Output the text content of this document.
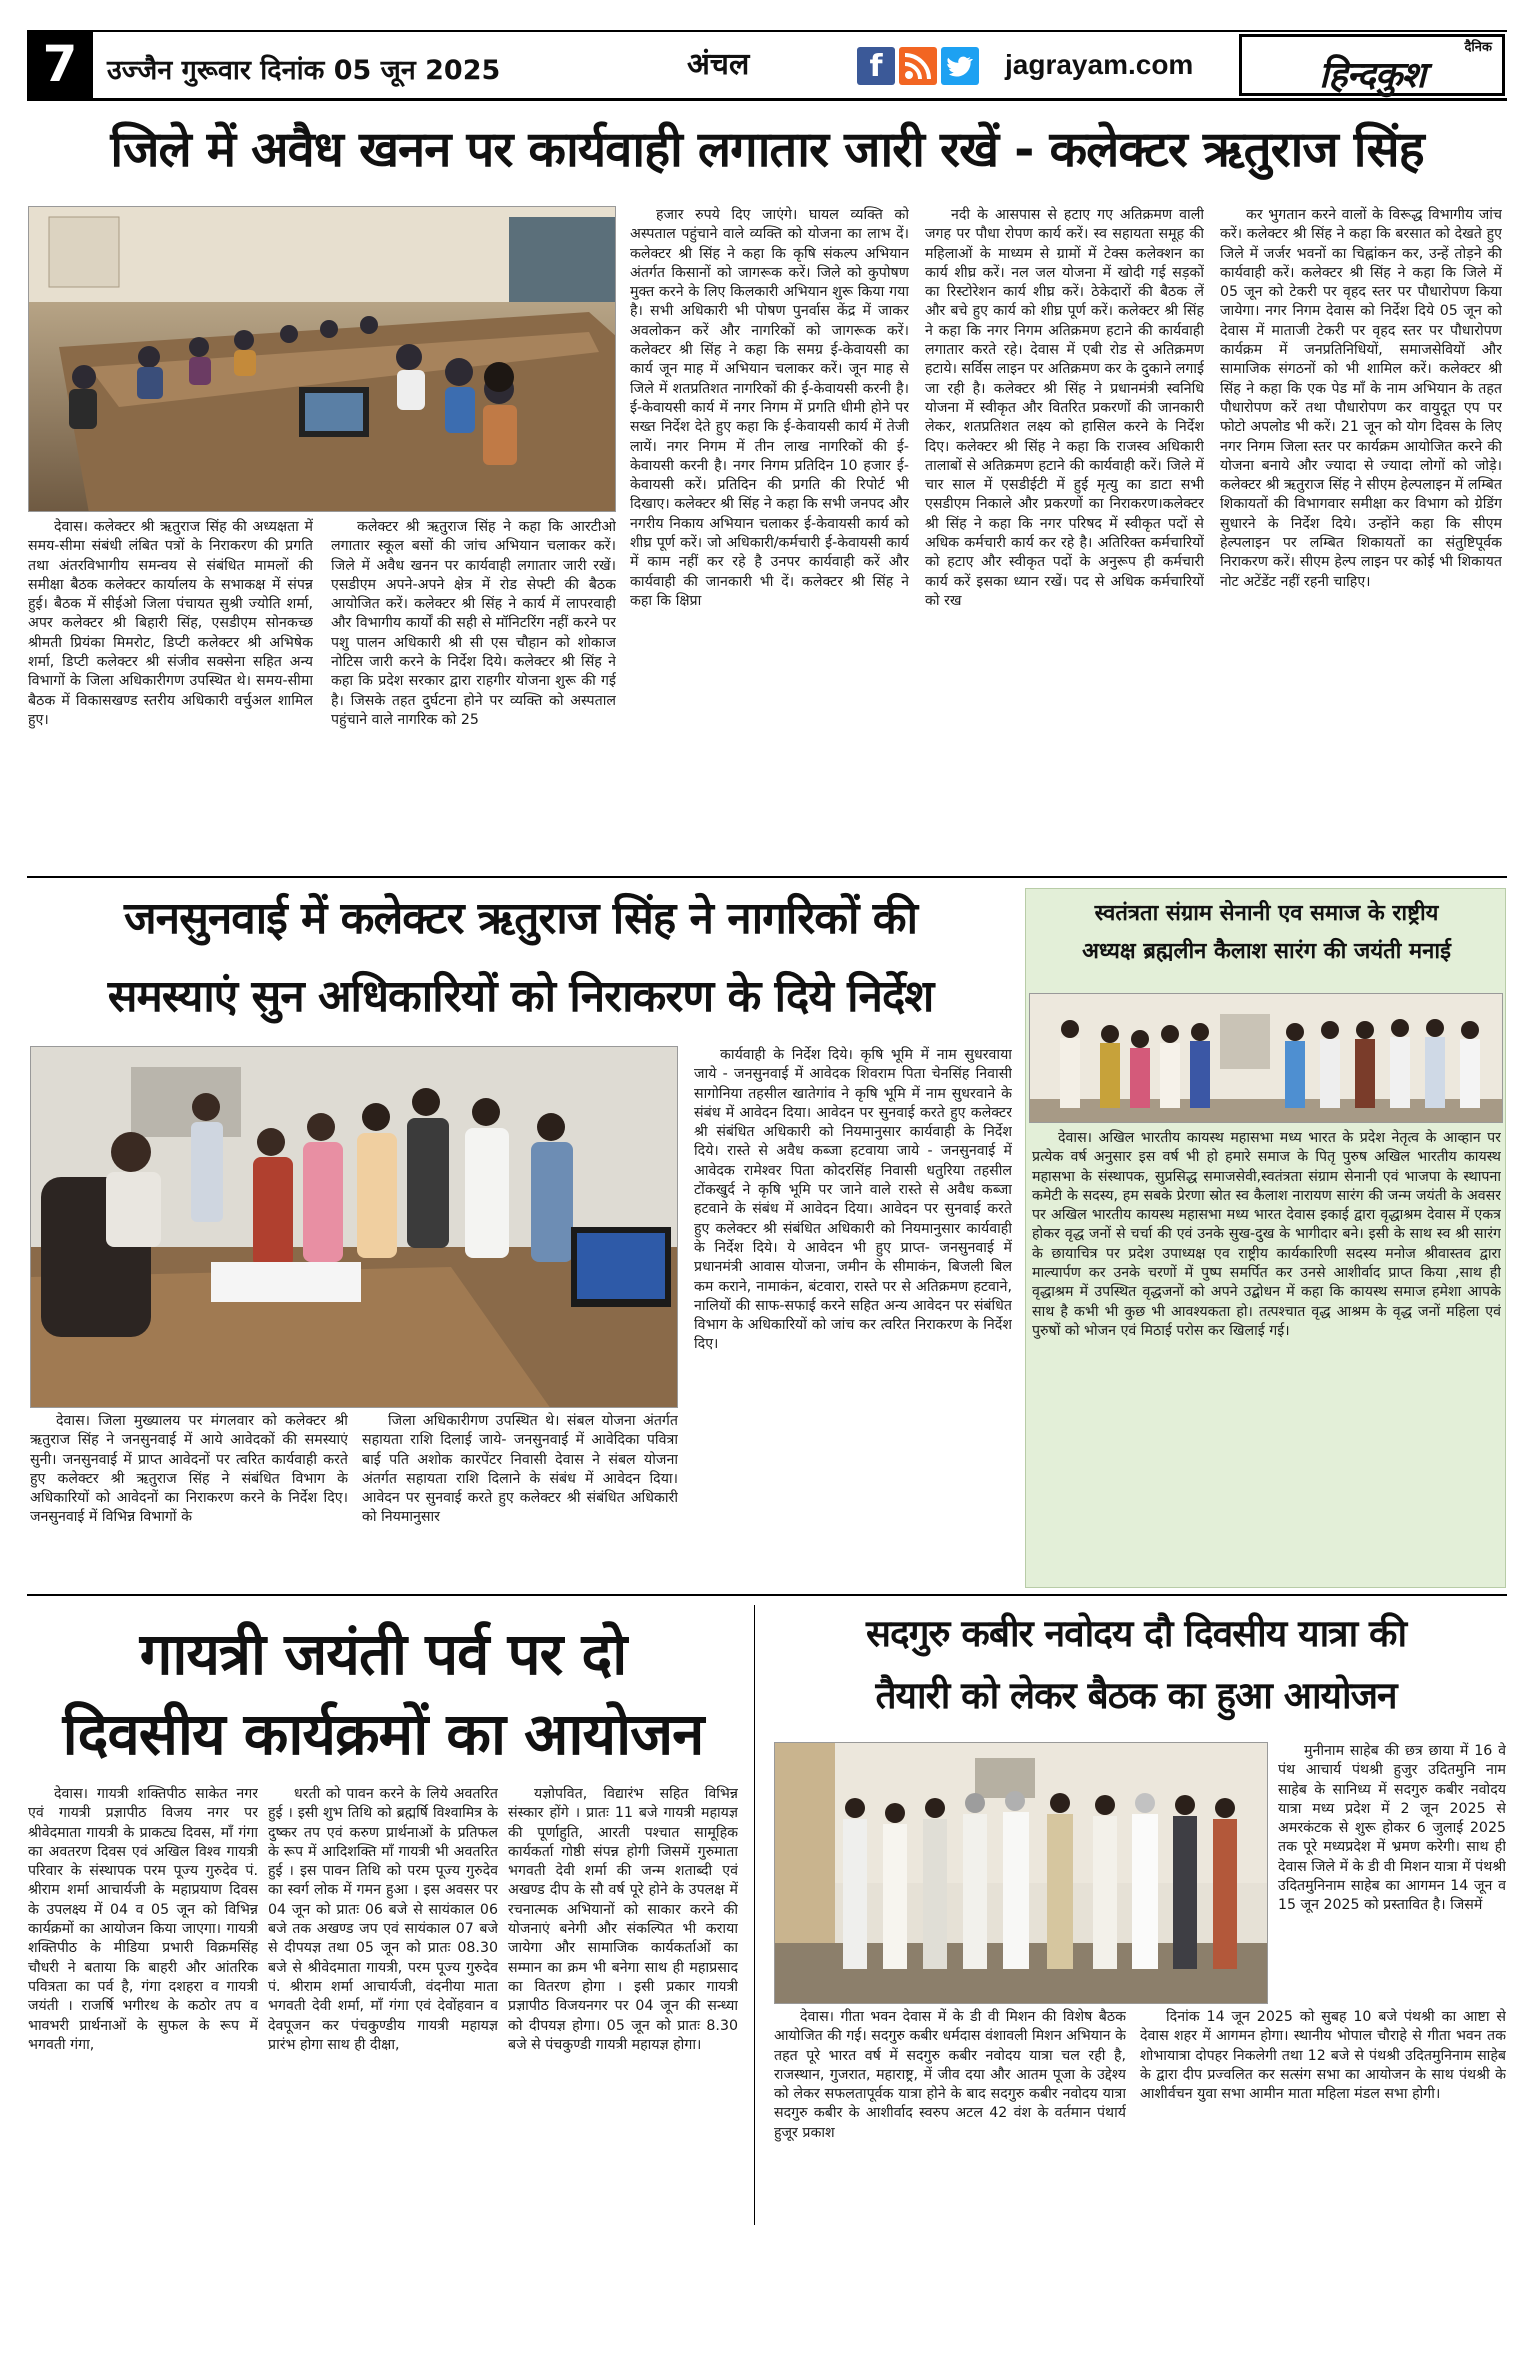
7	उज्जैन गुरूवार दिनांक 05 जून 2025	अंचल	f	jagrayam.com
दैनिक
हिन्दकुश
जिले में अवैध खनन पर कार्यवाही लगातार जारी रखें - कलेक्टर ऋतुराज सिंह

देवास। कलेक्टर श्री ऋतुराज सिंह की अध्यक्षता में समय-सीमा संबंधी लंबित पत्रों के निराकरण की प्रगति तथा अंतरविभागीय समन्वय से संबंधित मामलों की समीक्षा बैठक कलेक्टर कार्यालय के सभाकक्ष में संपन्न हुई। बैठक में सीईओ जिला पंचायत सुश्री ज्योति शर्मा, अपर कलेक्टर श्री बिहारी सिंह, एसडीएम सोनकच्छ श्रीमती प्रियंका मिमरोट, डिप्टी कलेक्टर श्री अभिषेक शर्मा, डिप्टी कलेक्टर श्री संजीव सक्सेना सहित अन्य विभागों के जिला अधिकारीगण उपस्थित थे। समय-सीमा बैठक में विकासखण्ड स्तरीय अधिकारी वर्चुअल शामिल हुए।

कलेक्टर श्री ऋतुराज सिंह ने कहा कि आरटीओ लगातार स्कूल बसों की जांच अभियान चलाकर करें। जिले में अवैध खनन पर कार्यवाही लगातार जारी रखें। एसडीएम अपने-अपने क्षेत्र में रोड सेफ्टी की बैठक आयोजित करें। कलेक्टर श्री सिंह ने कार्य में लापरवाही और विभागीय कार्यों की सही से मॉनिटरिंग नहीं करने पर पशु पालन अधिकारी श्री सी एस चौहान को शोकाज नोटिस जारी करने के निर्देश दिये। कलेक्टर श्री सिंह ने कहा कि प्रदेश सरकार द्वारा राहगीर योजना शुरू की गई है। जिसके तहत दुर्घटना होने पर व्यक्ति को अस्पताल पहुंचाने वाले नागरिक को 25

हजार रुपये दिए जाएंगे। घायल व्यक्ति को अस्पताल पहुंचाने वाले व्यक्ति को योजना का लाभ दें। कलेक्टर श्री सिंह ने कहा कि कृषि संकल्प अभियान अंतर्गत किसानों को जागरूक करें। जिले को कुपोषण मुक्त करने के लिए किलकारी अभियान शुरू किया गया है। सभी अधिकारी भी पोषण पुनर्वास केंद्र में जाकर अवलोकन करें और नागरिकों को जागरूक करें। कलेक्टर श्री सिंह ने कहा कि समग्र ई-केवायसी का कार्य जून माह में अभियान चलाकर करें। जून माह से जिले में शतप्रतिशत नागरिकों की ई-केवायसी करनी है। ई-केवायसी कार्य में नगर निगम में प्रगति धीमी होने पर सख्त निर्देश देते हुए कहा कि ई-केवायसी कार्य में तेजी लायें। नगर निगम में तीन लाख नागरिकों की ई-केवायसी करनी है। नगर निगम प्रतिदिन 10 हजार ई-केवायसी करें। प्रतिदिन की प्रगति की रिपोर्ट भी दिखाए। कलेक्टर श्री सिंह ने कहा कि सभी जनपद और नगरीय निकाय अभियान चलाकर ई-केवायसी कार्य को शीघ्र पूर्ण करें। जो अधिकारी/कर्मचारी ई-केवायसी कार्य में काम नहीं कर रहे है उनपर कार्यवाही करें और कार्यवाही की जानकारी भी दें। कलेक्टर श्री सिंह ने कहा कि क्षिप्रा

नदी के आसपास से हटाए गए अतिक्रमण वाली जगह पर पौधा रोपण कार्य करें। स्व सहायता समूह की महिलाओं के माध्यम से ग्रामों में टेक्स कलेक्शन का कार्य शीघ्र करें। नल जल योजना में खोदी गई सड़कों का रिस्टोरेशन कार्य शीघ्र करें। ठेकेदारों की बैठक लें और बचे हुए कार्य को शीघ्र पूर्ण करें। कलेक्टर श्री सिंह ने कहा कि नगर निगम अतिक्रमण हटाने की कार्यवाही लगातार करते रहे। देवास में एबी रोड से अतिक्रमण हटाये। सर्विस लाइन पर अतिक्रमण कर के दुकाने लगाई जा रही है। कलेक्टर श्री सिंह ने प्रधानमंत्री स्वनिधि योजना में स्वीकृत और वितरित प्रकरणों की जानकारी लेकर, शतप्रतिशत लक्ष्य को हासिल करने के निर्देश दिए। कलेक्टर श्री सिंह ने कहा कि राजस्व अधिकारी तालाबों से अतिक्रमण हटाने की कार्यवाही करें। जिले में चार साल में एसडीईटी में हुई मृत्यु का डाटा सभी एसडीएम निकाले और प्रकरणों का निराकरण।कलेक्टर श्री सिंह ने कहा कि नगर परिषद में स्वीकृत पदों से अधिक कर्मचारी कार्य कर रहे है। अतिरिक्त कर्मचारियों को हटाए और स्वीकृत पदों के अनुरूप ही कर्मचारी कार्य करें इसका ध्यान रखें। पद से अधिक कर्मचारियों को रख

कर भुगतान करने वालों के विरूद्ध विभागीय जांच करें। कलेक्टर श्री सिंह ने कहा कि बरसात को देखते हुए जिले में जर्जर भवनों का चिह्नांकन कर, उन्हें तोड़ने की कार्यवाही करें। कलेक्टर श्री सिंह ने कहा कि जिले में 05 जून को टेकरी पर वृहद स्तर पर पौधारोपण किया जायेगा। नगर निगम देवास को निर्देश दिये 05 जून को देवास में माताजी टेकरी पर वृहद स्तर पर पौधारोपण कार्यक्रम में जनप्रतिनिधियों, समाजसेवियों और सामाजिक संगठनों को भी शामिल करें। कलेक्टर श्री सिंह ने कहा कि एक पेड माँ के नाम अभियान के तहत पौधारोपण करें तथा पौधारोपण कर वायुदूत एप पर फोटो अपलोड भी करें। 21 जून को योग दिवस के लिए नगर निगम जिला स्तर पर कार्यक्रम आयोजित करने की योजना बनाये और ज्यादा से ज्यादा लोगों को जोड़े। कलेक्टर श्री ऋतुराज सिंह ने सीएम हेल्पलाइन में लम्बित शिकायतों की विभागवार समीक्षा कर विभाग को ग्रेडिंग सुधारने के निर्देश दिये। उन्होंने कहा कि सीएम हेल्पलाइन पर लम्बित शिकायतों का संतुष्टिपूर्वक निराकरण करें। सीएम हेल्प लाइन पर कोई भी शिकायत नोट अटेंडेंट नहीं रहनी चाहिए।

जनसुनवाई में कलेक्टर ऋतुराज सिंह ने नागरिकों की
समस्याएं सुन अधिकारियों को निराकरण के दिये निर्देश

देवास। जिला मुख्यालय पर मंगलवार को कलेक्टर श्री ऋतुराज सिंह ने जनसुनवाई में आये आवेदकों की समस्याएं सुनी। जनसुनवाई में प्राप्त आवेदनों पर त्वरित कार्यवाही करते हुए कलेक्टर श्री ऋतुराज सिंह ने संबंधित विभाग के अधिकारियों को आवेदनों का निराकरण करने के निर्देश दिए। जनसुनवाई में विभिन्न विभागों के

जिला अधिकारीगण उपस्थित थे। संबल योजना अंतर्गत सहायता राशि दिलाई जाये- जनसुनवाई में आवेदिका पवित्रा बाई पति अशोक कारपेंटर निवासी देवास ने संबल योजना अंतर्गत सहायता राशि दिलाने के संबंध में आवेदन दिया। आवेदन पर सुनवाई करते हुए कलेक्टर श्री संबंधित अधिकारी को नियमानुसार

कार्यवाही के निर्देश दिये। कृषि भूमि में नाम सुधरवाया जाये - जनसुनवाई में आवेदक शिवराम पिता चेनसिंह निवासी सागोनिया तहसील खातेगांव ने कृषि भूमि में नाम सुधरवाने के संबंध में आवेदन दिया। आवेदन पर सुनवाई करते हुए कलेक्टर श्री संबंधित अधिकारी को नियमानुसार कार्यवाही के निर्देश दिये। रास्ते से अवैध कब्जा हटवाया जाये - जनसुनवाई में आवेदक रामेश्वर पिता कोदरसिंह निवासी धतुरिया तहसील टोंकखुर्द ने कृषि भूमि पर जाने वाले रास्ते से अवैध कब्जा हटवाने के संबंध में आवेदन दिया। आवेदन पर सुनवाई करते हुए कलेक्टर श्री संबंधित अधिकारी को नियमानुसार कार्यवाही के निर्देश दिये। ये आवेदन भी हुए प्राप्त- जनसुनवाई में प्रधानमंत्री आवास योजना, जमीन के सीमाकंन, बिजली बिल कम कराने, नामाकंन, बंटवारा, रास्ते पर से अतिक्रमण हटवाने, नालियों की साफ-सफाई करने सहित अन्य आवेदन पर संबंधित विभाग के अधिकारियों को जांच कर त्वरित निराकरण के निर्देश दिए।

स्वतंत्रता संग्राम सेनानी एव समाज के राष्ट्रीय
अध्यक्ष ब्रह्मलीन कैलाश सारंग की जयंती मनाई

देवास। अखिल भारतीय कायस्थ महासभा मध्य भारत के प्रदेश नेतृत्व के आव्हान पर प्रत्येक वर्ष अनुसार इस वर्ष भी हो हमारे समाज के पितृ पुरुष अखिल भारतीय कायस्थ महासभा के संस्थापक, सुप्रसिद्ध समाजसेवी,स्वतंत्रता संग्राम सेनानी एवं भाजपा के स्थापना कमेटी के सदस्य, हम सबके प्रेरणा स्रोत स्व कैलाश नारायण सारंग की जन्म जयंती के अवसर पर अखिल भारतीय कायस्थ महासभा मध्य भारत देवास इकाई द्वारा वृद्धाश्रम देवास में एकत्र होकर वृद्ध जनों से चर्चा की एवं उनके सुख-दुख के भागीदार बने। इसी के साथ स्व श्री सारंग के छायाचित्र पर प्रदेश उपाध्यक्ष एव राष्ट्रीय कार्यकारिणी सदस्य मनोज श्रीवास्तव द्वारा माल्यार्पण कर उनके चरणों में पुष्प समर्पित कर उनसे आशीर्वाद प्राप्त किया ,साथ ही वृद्धाश्रम में उपस्थित वृद्धजनों को अपने उद्बोधन में कहा कि कायस्थ समाज हमेशा आपके साथ है कभी भी कुछ भी आवश्यकता हो। तत्पश्चात वृद्ध आश्रम के वृद्ध जनों महिला एवं पुरुषों को भोजन एवं मिठाई परोस कर खिलाई गई।

गायत्री जयंती पर्व पर दो
दिवसीय कार्यक्रमों का आयोजन

देवास। गायत्री शक्तिपीठ साकेत नगर एवं गायत्री प्रज्ञापीठ विजय नगर पर श्रीवेदमाता गायत्री के प्राकट्य दिवस, माँ गंगा का अवतरण दिवस एवं अखिल विश्व गायत्री परिवार के संस्थापक परम पूज्य गुरुदेव पं. श्रीराम शर्मा आचार्यजी के महाप्रयाण दिवस के उपलक्ष्य में 04 व 05 जून को विभिन्न कार्यक्रमों का आयोजन किया जाएगा। गायत्री शक्तिपीठ के मीडिया प्रभारी विक्रमसिंह चौधरी ने बताया कि बाहरी और आंतरिक पवित्रता का पर्व है, गंगा दशहरा व गायत्री जयंती । राजर्षि भगीरथ के कठोर तप व भावभरी प्रार्थनाओं के सुफल के रूप में भगवती गंगा,

धरती को पावन करने के लिये अवतरित हुई । इसी शुभ तिथि को ब्रह्मर्षि विश्वामित्र के दुष्कर तप एवं करुण प्रार्थनाओं के प्रतिफल के रूप में आदिशक्ति माँ गायत्री भी अवतरित हुई । इस पावन तिथि को परम पूज्य गुरुदेव का स्वर्ग लोक में गमन हुआ । इस अवसर पर 04 जून को प्रातः 06 बजे से सायंकाल 06 बजे तक अखण्ड जप एवं सायंकाल 07 बजे से दीपयज्ञ तथा 05 जून को प्रातः 08.30 बजे से श्रीवेदमाता गायत्री, परम पूज्य गुरुदेव पं. श्रीराम शर्मा आचार्यजी, वंदनीया माता भगवती देवी शर्मा, माँ गंगा एवं देवोंहवान व देवपूजन कर पंचकुण्डीय गायत्री महायज्ञ प्रारंभ होगा साथ ही दीक्षा,

यज्ञोपवित, विद्यारंभ सहित विभिन्न संस्कार होंगे । प्रातः 11 बजे गायत्री महायज्ञ की पूर्णाहुति, आरती पश्चात सामूहिक कार्यकर्ता गोष्ठी संपन्न होगी जिसमें गुरुमाता भगवती देवी शर्मा की जन्म शताब्दी एवं अखण्ड दीप के सौ वर्ष पूरे होने के उपलक्ष में रचनात्मक अभियानों को साकार करने की योजनाएं बनेगी और संकल्पित भी कराया जायेगा और सामाजिक कार्यकर्ताओं का सम्मान का क्रम भी बनेगा साथ ही महाप्रसाद का वितरण होगा । इसी प्रकार गायत्री प्रज्ञापीठ विजयनगर पर 04 जून की सन्ध्या को दीपयज्ञ होगा। 05 जून को प्रातः 8.30 बजे से पंचकुण्डी गायत्री महायज्ञ होगा।

सदगुरु कबीर नवोदय दौ दिवसीय यात्रा की
तैयारी को लेकर बैठक का हुआ आयोजन

मुनीनाम साहेब की छत्र छाया में 16 वे पंथ आचार्य पंथश्री हुजुर उदितमुनि नाम साहेब के सानिध्य में सदगुरु कबीर नवोदय यात्रा मध्य प्रदेश में 2 जून 2025 से अमरकंटक से शुरू होकर 6 जुलाई 2025 तक पूरे मध्यप्रदेश में भ्रमण करेगी। साथ ही देवास जिले में के डी वी मिशन यात्रा में पंथश्री उदितमुनिनाम साहेब का आगमन 14 जून व 15 जून 2025 को प्रस्तावित है। जिसमें

देवास। गीता भवन देवास में के डी वी मिशन की विशेष बैठक आयोजित की गई। सदगुरु कबीर धर्मदास वंशावली मिशन अभियान के तहत पूरे भारत वर्ष में सदगुरु कबीर नवोदय यात्रा चल रही है, राजस्थान, गुजरात, महाराष्ट्र, में जीव दया और आतम पूजा के उद्देश्य को लेकर सफलतापूर्वक यात्रा होने के बाद सदगुरु कबीर नवोदय यात्रा सदगुरु कबीर के आशीर्वाद स्वरुप अटल 42 वंश के वर्तमान पंथार्य हुजूर प्रकाश

दिनांक 14 जून 2025 को सुबह 10 बजे पंथश्री का आष्टा से देवास शहर में आगमन होगा। स्थानीय भोपाल चौराहे से गीता भवन तक शोभायात्रा दोपहर निकलेगी तथा 12 बजे से पंथश्री उदितमुनिनाम साहेब के द्वारा दीप प्रज्वलित कर सत्संग सभा का आयोजन के साथ पंथश्री के आशीर्वचन युवा सभा आमीन माता महिला मंडल सभा होगी।
